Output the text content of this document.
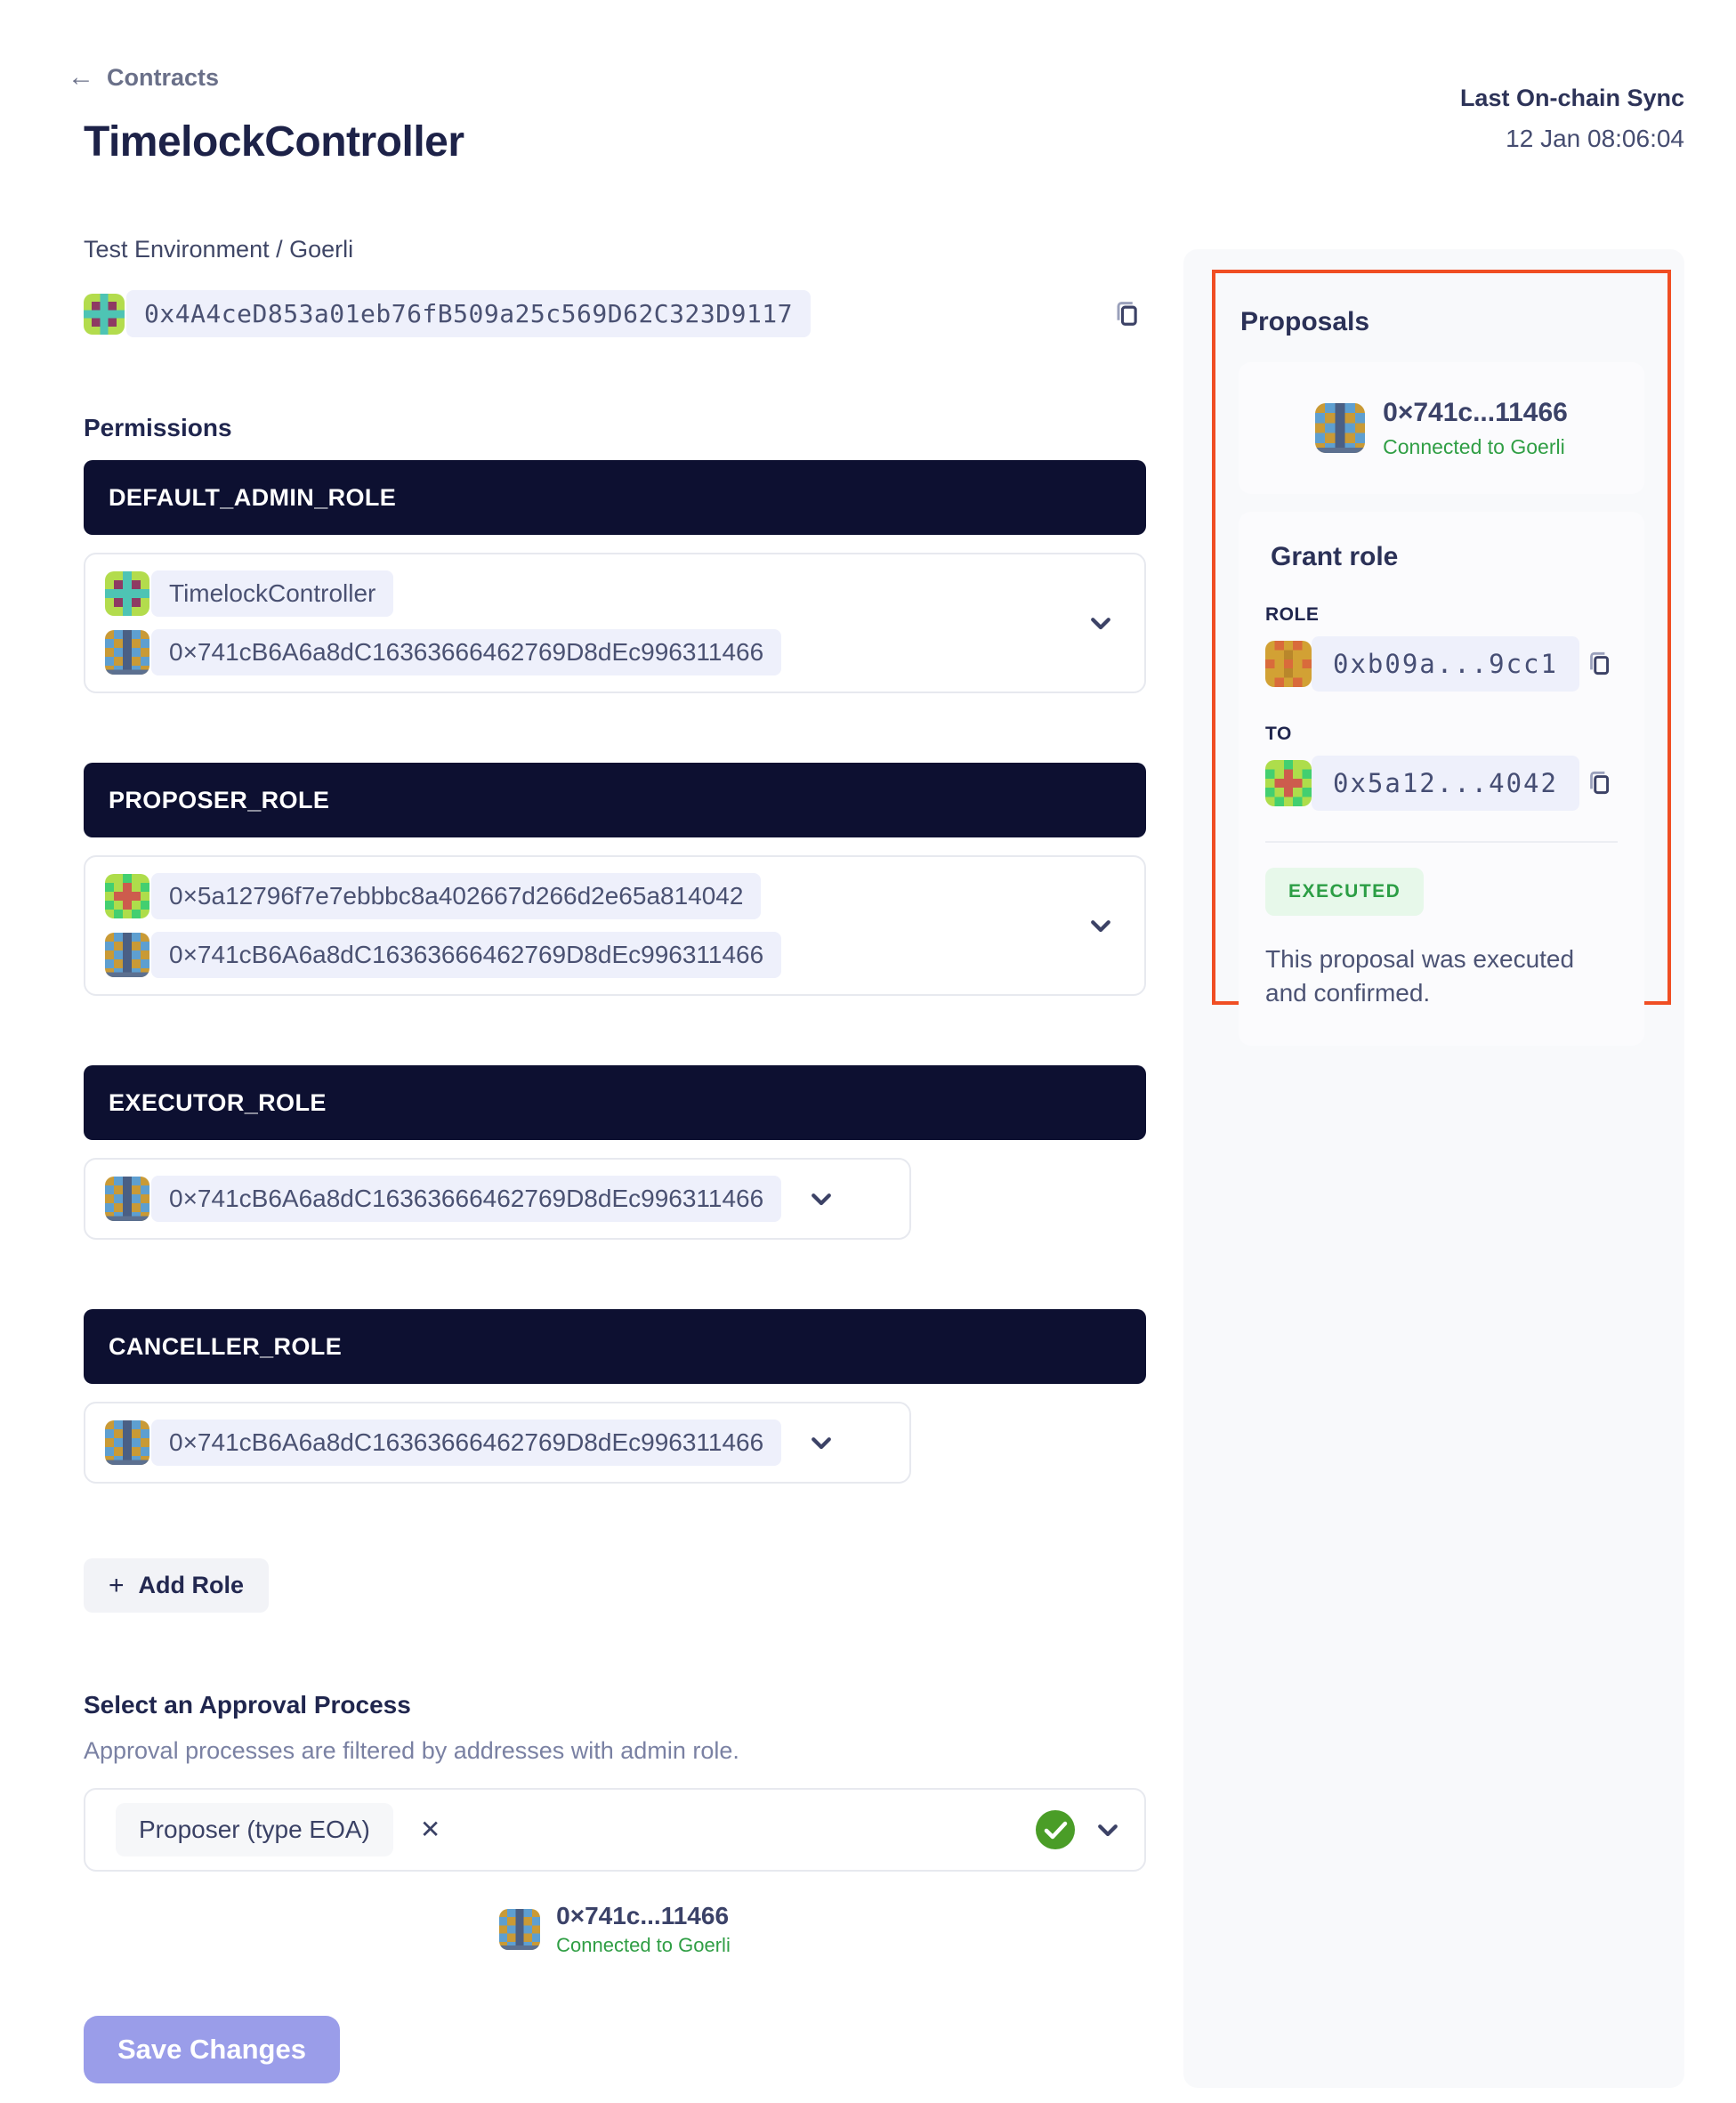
← Contracts
TimelockController
Test Environment / Goerli
0x4A4ceD853a01eb76fB509a25c569D62C323D9117
Permissions
DEFAULT_ADMIN_ROLE
TimelockController
0×741cB6A6a8dC16363666462769D8dEc996311466
PROPOSER_ROLE
0×5a12796f7e7ebbbc8a402667d266d2e65a814042
0×741cB6A6a8dC16363666462769D8dEc996311466
EXECUTOR_ROLE
0×741cB6A6a8dC16363666462769D8dEc996311466
CANCELLER_ROLE
0×741cB6A6a8dC16363666462769D8dEc996311466
+ Add Role
Select an Approval Process

Approval processes are filtered by addresses with admin role.

Proposer (type EOA)	✕
0×741c...11466
Connected to Goerli
Save Changes
Last On-chain Sync
12 Jan 08:06:04
Proposals
0×741c...11466
Connected to Goerli
Grant role
ROLE
0xb09a...9cc1
TO
0x5a12...4042
EXECUTED

This proposal was executed and confirmed.
